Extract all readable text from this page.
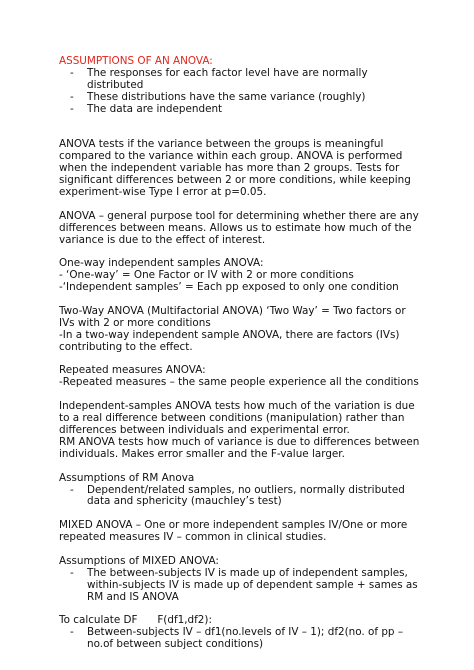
ASSUMPTIONS OF AN ANOVA:

- The responses for each factor level have are normally distributed
- These distributions have the same variance (roughly)
- The data are independent

ANOVA tests if the variance between the groups is meaningful compared to the variance within each group. ANOVA is performed when the independent variable has more than 2 groups. Tests for significant differences between 2 or more conditions, while keeping experiment-wise Type I error at p=0.05.

ANOVA – general purpose tool for determining whether there are any differences between means. Allows us to estimate how much of the variance is due to the effect of interest.

One-way independent samples ANOVA:

- ‘One-way’ = One Factor or IV with 2 or more conditions

-‘Independent samples’ = Each pp exposed to only one condition

Two-Way ANOVA (Multifactorial ANOVA) ‘Two Way’ = Two factors or IVs with 2 or more conditions

-In a two-way independent sample ANOVA, there are factors (IVs) contributing to the effect.

Repeated measures ANOVA:

-Repeated measures – the same people experience all the conditions

Independent-samples ANOVA tests how much of the variation is due to a real difference between conditions (manipulation) rather than differences between individuals and experimental error.

RM ANOVA tests how much of variance is due to differences between individuals. Makes error smaller and the F-value larger.

Assumptions of RM Anova

- Dependent/related samples, no outliers, normally distributed data and sphericity (mauchley’s test)

MIXED ANOVA – One or more independent samples IV/One or more repeated measures IV – common in clinical studies.

Assumptions of MIXED ANOVA:

- The between-subjects IV is made up of independent samples, within-subjects IV is made up of dependent sample + sames as RM and IS ANOVA

To calculate DF      F(df1,df2):

- Between-subjects IV – df1(no.levels of IV – 1); df2(no. of pp – no.of between subject conditions)
